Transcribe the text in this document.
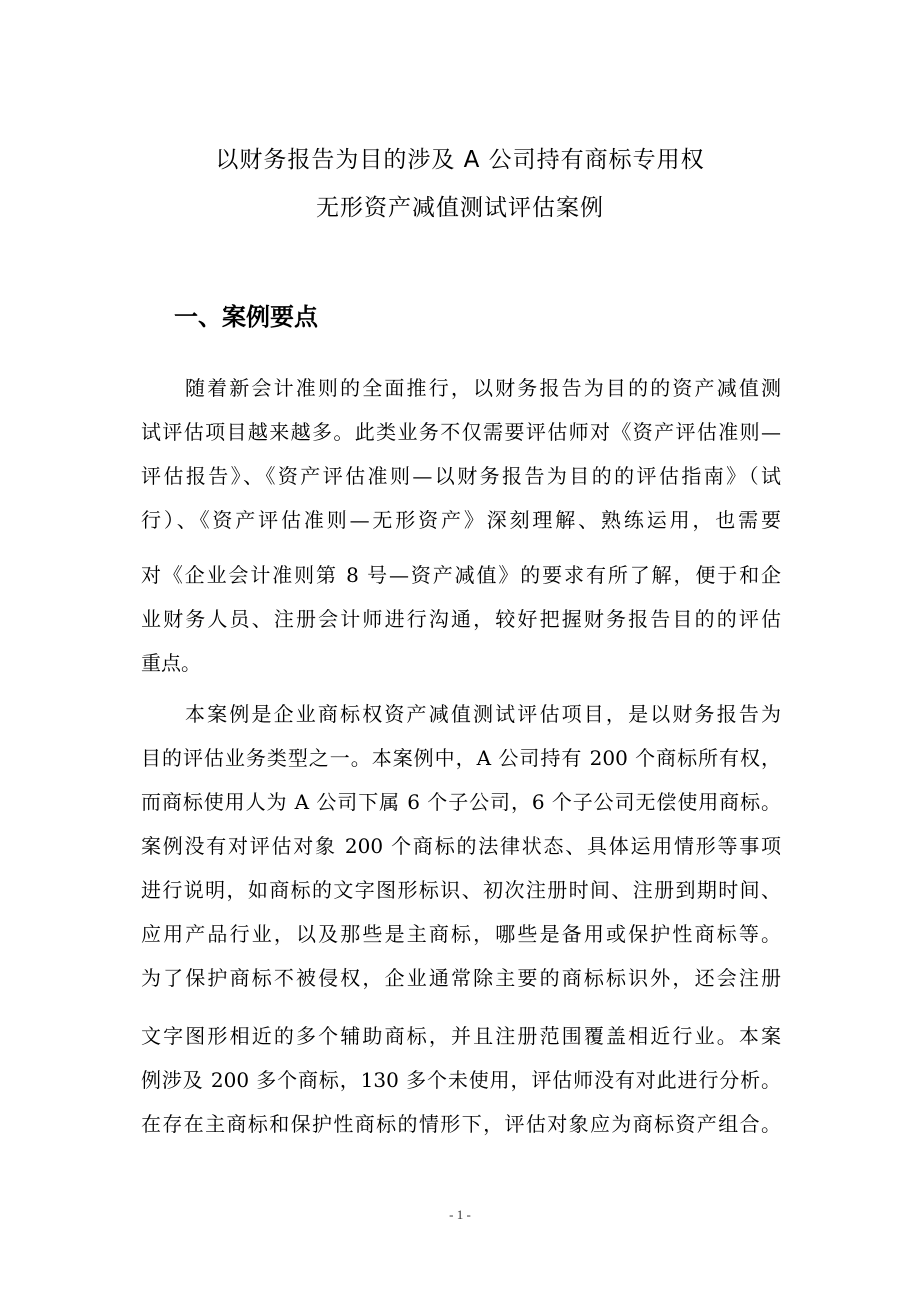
以财务报告为目的涉及 A 公司持有商标专用权
无形资产减值测试评估案例
一、案例要点
随着新会计准则的全面推行，以财务报告为目的的资产减值测
试评估项目越来越多。此类业务不仅需要评估师对《资产评估准则—
评估报告》、《资产评估准则—以财务报告为目的的评估指南》（试
行）、《资产评估准则—无形资产》深刻理解、熟练运用，也需要
对《企业会计准则第 8 号—资产减值》的要求有所了解，便于和企
业财务人员、注册会计师进行沟通，较好把握财务报告目的的评估
重点。
本案例是企业商标权资产减值测试评估项目，是以财务报告为
目的评估业务类型之一。本案例中，A 公司持有 200 个商标所有权，
而商标使用人为 A 公司下属 6 个子公司，6 个子公司无偿使用商标。
案例没有对评估对象 200 个商标的法律状态、具体运用情形等事项
进行说明，如商标的文字图形标识、初次注册时间、注册到期时间、
应用产品行业，以及那些是主商标，哪些是备用或保护性商标等。
为了保护商标不被侵权，企业通常除主要的商标标识外，还会注册
文字图形相近的多个辅助商标，并且注册范围覆盖相近行业。本案
例涉及 200 多个商标，130 多个未使用，评估师没有对此进行分析。
在存在主商标和保护性商标的情形下，评估对象应为商标资产组合。
- 1 -
